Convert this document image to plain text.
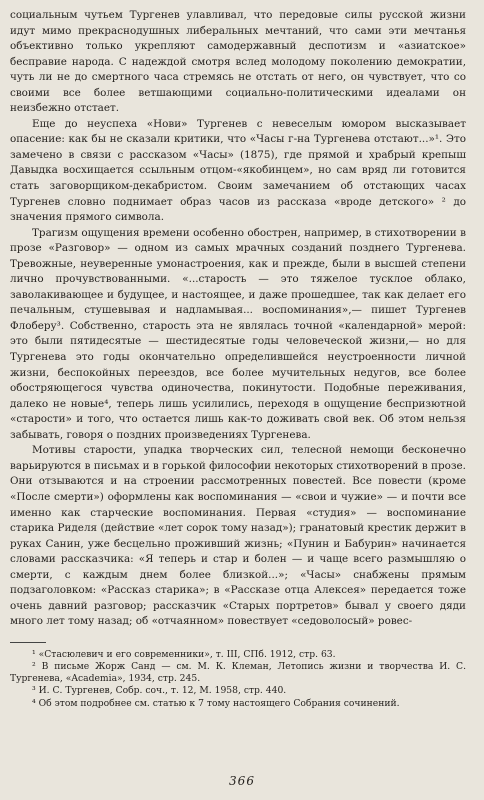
социальным чутьем Тургенев улавливал, что передовые силы русской жизни идут мимо прекраснодушных либеральных мечтаний, что сами эти мечтанья объективно только укрепляют самодержавный деспотизм и «азиатское» бесправие народа. С надеждой смотря вслед молодому поколению демократии, чуть ли не до смертного часа стремясь не отстать от него, он чувствует, что со своими все более ветшающими социально-политическими идеалами он неизбежно отстает.

Еще до неуспеха «Нови» Тургенев с невеселым юмором высказывает опасение: как бы не сказали критики, что «Часы г-на Тургенева отстают...»¹. Это замечено в связи с рассказом «Часы» (1875), где прямой и храбрый крепыш Давыдка восхищается ссыльным отцом-«якобинцем», но сам вряд ли готовится стать заговорщиком-декабристом. Своим замечанием об отстающих часах Тургенев словно поднимает образ часов из рассказа «вроде детского» ² до значения прямого символа.

Трагизм ощущения времени особенно обострен, например, в стихотворении в прозе «Разговор» — одном из самых мрачных созданий позднего Тургенева. Тревожные, неуверенные умонастроения, как и прежде, были в высшей степени лично прочувствованными. «...старость — это тяжелое тусклое облако, заволакивающее и будущее, и настоящее, и даже прошедшее, так как делает его печальным, стушевывая и надламывая... воспоминания»,— пишет Тургенев Флоберу³. Собственно, старость эта не являлась точной «календарной» мерой: это были пятидесятые — шестидесятые годы человеческой жизни,— но для Тургенева это годы окончательно определившейся неустроенности личной жизни, беспокойных переездов, все более мучительных недугов, все более обостряющегося чувства одиночества, покинутости. Подобные переживания, далеко не новые⁴, теперь лишь усилились, переходя в ощущение беспризютной «старости» и того, что остается лишь как-то доживать свой век. Об этом нельзя забывать, говоря о поздних произведениях Тургенева.

Мотивы старости, упадка творческих сил, телесной немощи бесконечно варьируются в письмах и в горькой философии некоторых стихотворений в прозе. Они отзываются и на строении рассмотренных повестей. Все повести (кроме «После смерти») оформлены как воспоминания — «свои и чужие» — и почти все именно как старческие воспоминания. Первая «студия» — воспоминание старика Риделя (действие «лет сорок тому назад»); гранатовый крестик держит в руках Санин, уже бесцельно проживший жизнь; «Пунин и Бабурин» начинается словами рассказчика: «Я теперь и стар и болен — и чаще всего размышляю о смерти, с каждым днем более близкой...»; «Часы» снабжены прямым подзаголовком: «Рассказ старика»; в «Рассказе отца Алексея» передается тоже очень давний разговор; рассказчик «Старых портретов» бывал у своего дяди много лет тому назад; об «отчаянном» повествует «седоволосый» ровес-

¹ «Стасюлевич и его современники», т. III, СПб. 1912, стр. 63.

² В письме Жорж Санд — см. М. К. Клеман, Летопись жизни и творчества И. С. Тургенева, «Academia», 1934, стр. 245.

³ И. С. Тургенев, Собр. соч., т. 12, М. 1958, стр. 440.

⁴ Об этом подробнее см. статью к 7 тому настоящего Собрания сочинений.

366
